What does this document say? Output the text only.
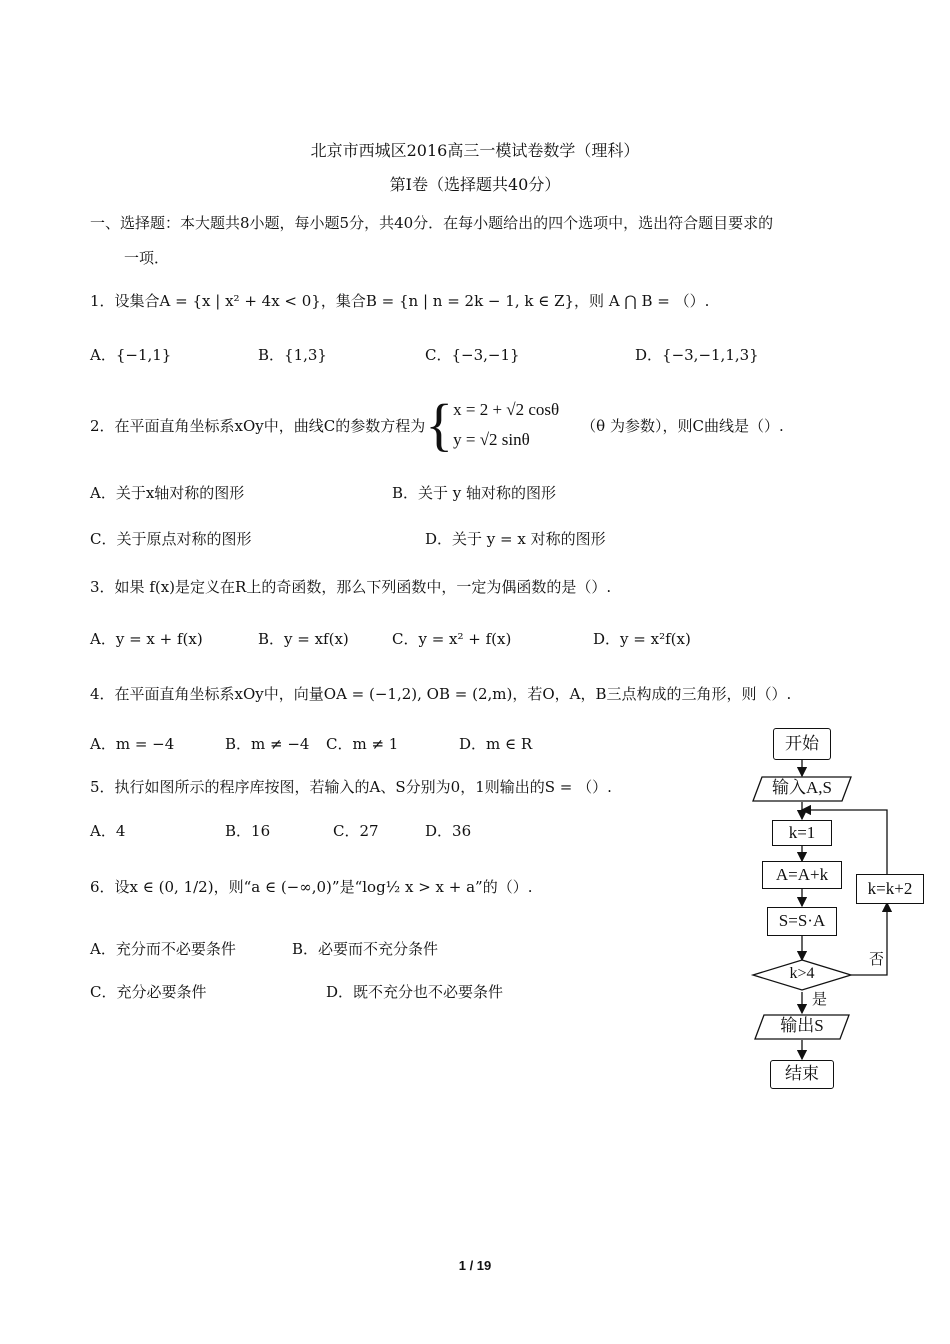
北京市西城区2016高三一模试卷数学（理科）
第Ⅰ卷（选择题共40分）
一、选择题：本大题共8小题，每小题5分，共40分．在每小题给出的四个选项中，选出符合题目要求的
一项．
1．设集合A = {x | x² + 4x < 0}，集合B = {n | n = 2k − 1, k ∈ Z}，则 A ⋂ B = （）.
A．{−1,1}	B．{1,3}	C．{−3,−1}	D．{−3,−1,1,3}
2． 在平面直角坐标系xOy中，曲线C的参数方程为 { x = 2 + √2 cosθ
y = √2 sinθ
（θ 为参数），则C曲线是（）.
A．关于x轴对称的图形	B．关于 y 轴对称的图形
C．关于原点对称的图形	D．关于 y = x 对称的图形
3．如果 f(x)是定义在R上的奇函数，那么下列函数中，一定为偶函数的是（）.
A．y = x + f(x)	B．y = xf(x)	C．y = x² + f(x)	D．y = x²f(x)
4．在平面直角坐标系xOy中，向量OA = (−1,2), OB = (2,m)，若O，A，B三点构成的三角形，则（）.
A．m = −4	B．m ≠ −4 C．m ≠ 1	D．m ∈ R
5．执行如图所示的程序库按图，若输入的A、S分别为0，1则输出的S = （）.
A．4	B．16	C．27	D．36
6．设x ∈ (0, 1/2)，则“a ∈ (−∞,0)”是“log½ x > x + a”的（）.
A．充分而不必要条件	B．必要而不充分条件
C．充分必要条件	D．既不充分也不必要条件
开始
输入A,S
k=1
A=A+k
S=S·A
k>4
是
否
k=k+2
输出S
结束
1 / 19
